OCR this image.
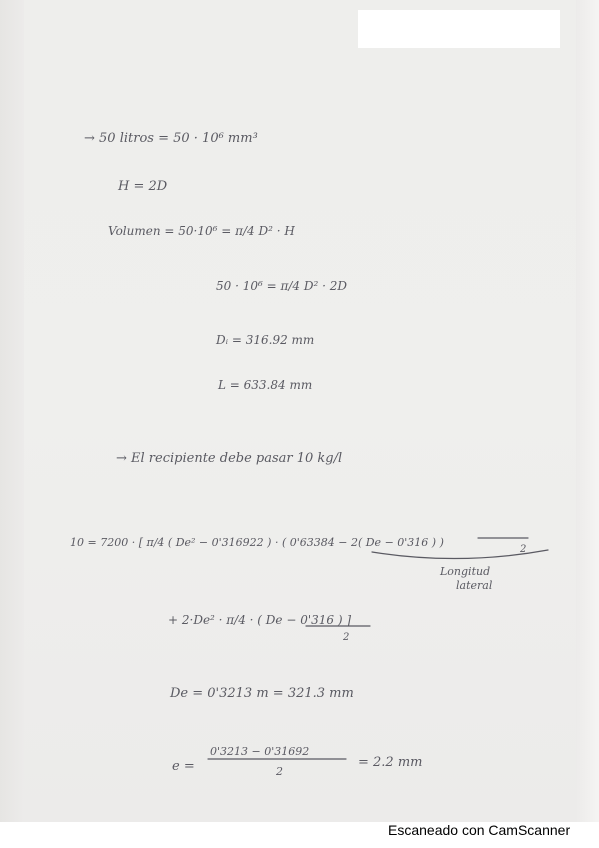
→ 50 litros = 50 · 10⁶ mm³
H = 2D
Volumen = 50·10⁶ = π/4 D² · H
50 · 10⁶ = π/4 D² · 2D
Dᵢ = 316.92 mm
L = 633.84 mm
→ El recipiente debe pasar 10 kg/l
10 = 7200 · [ π/4 ( De² − 0'316922 ) · ( 0'63384 − 2( De − 0'316 ) )
2
Longitud
lateral
+ 2·De² · π/4 · ( De − 0'316 ) ]
2
De = 0'3213 m = 321.3 mm
e =
0'3213 − 0'31692
2
= 2.2 mm
Escaneado con CamScanner
